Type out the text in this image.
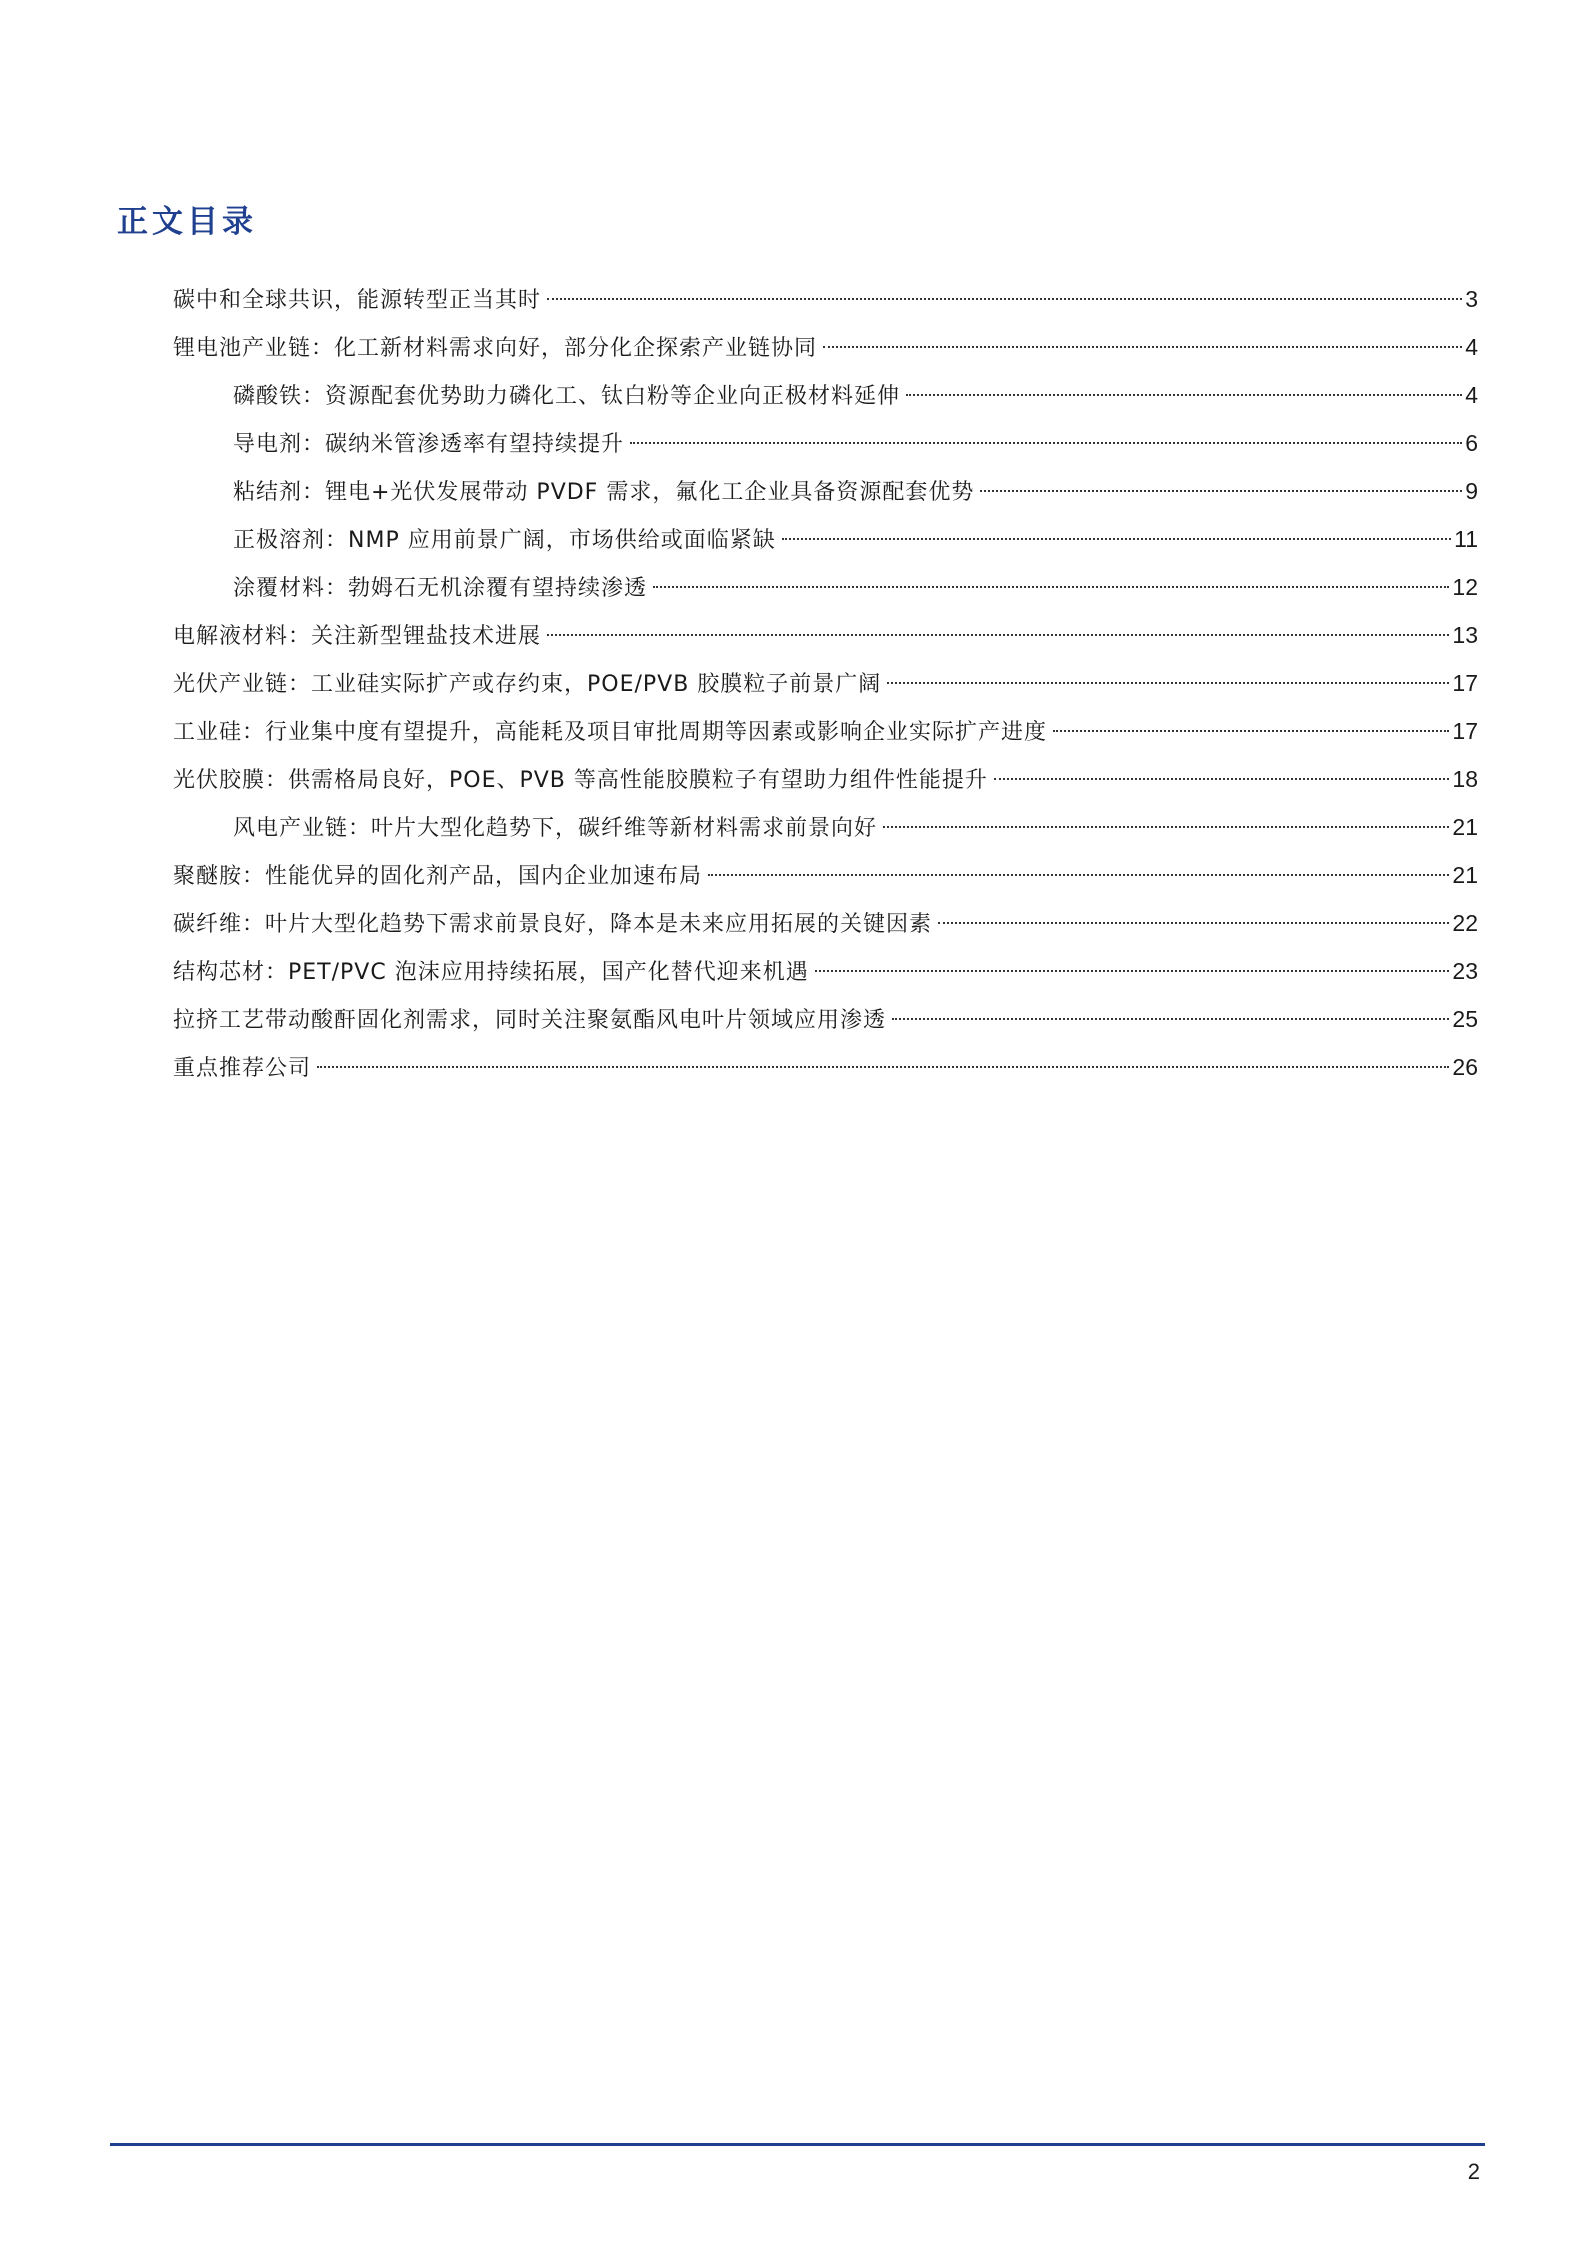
正文目录
碳中和全球共识，能源转型正当其时	3
锂电池产业链：化工新材料需求向好，部分化企探索产业链协同	4
磷酸铁：资源配套优势助力磷化工、钛白粉等企业向正极材料延伸	4
导电剂：碳纳米管渗透率有望持续提升	6
粘结剂：锂电+光伏发展带动 PVDF 需求，氟化工企业具备资源配套优势	9
正极溶剂：NMP 应用前景广阔，市场供给或面临紧缺	11
涂覆材料：勃姆石无机涂覆有望持续渗透	12
电解液材料：关注新型锂盐技术进展	13
光伏产业链：工业硅实际扩产或存约束，POE/PVB 胶膜粒子前景广阔	17
工业硅：行业集中度有望提升，高能耗及项目审批周期等因素或影响企业实际扩产进度	17
光伏胶膜：供需格局良好，POE、PVB 等高性能胶膜粒子有望助力组件性能提升	18
风电产业链：叶片大型化趋势下，碳纤维等新材料需求前景向好	21
聚醚胺：性能优异的固化剂产品，国内企业加速布局	21
碳纤维：叶片大型化趋势下需求前景良好，降本是未来应用拓展的关键因素	22
结构芯材：PET/PVC 泡沫应用持续拓展，国产化替代迎来机遇	23
拉挤工艺带动酸酐固化剂需求，同时关注聚氨酯风电叶片领域应用渗透	25
重点推荐公司	26
2
